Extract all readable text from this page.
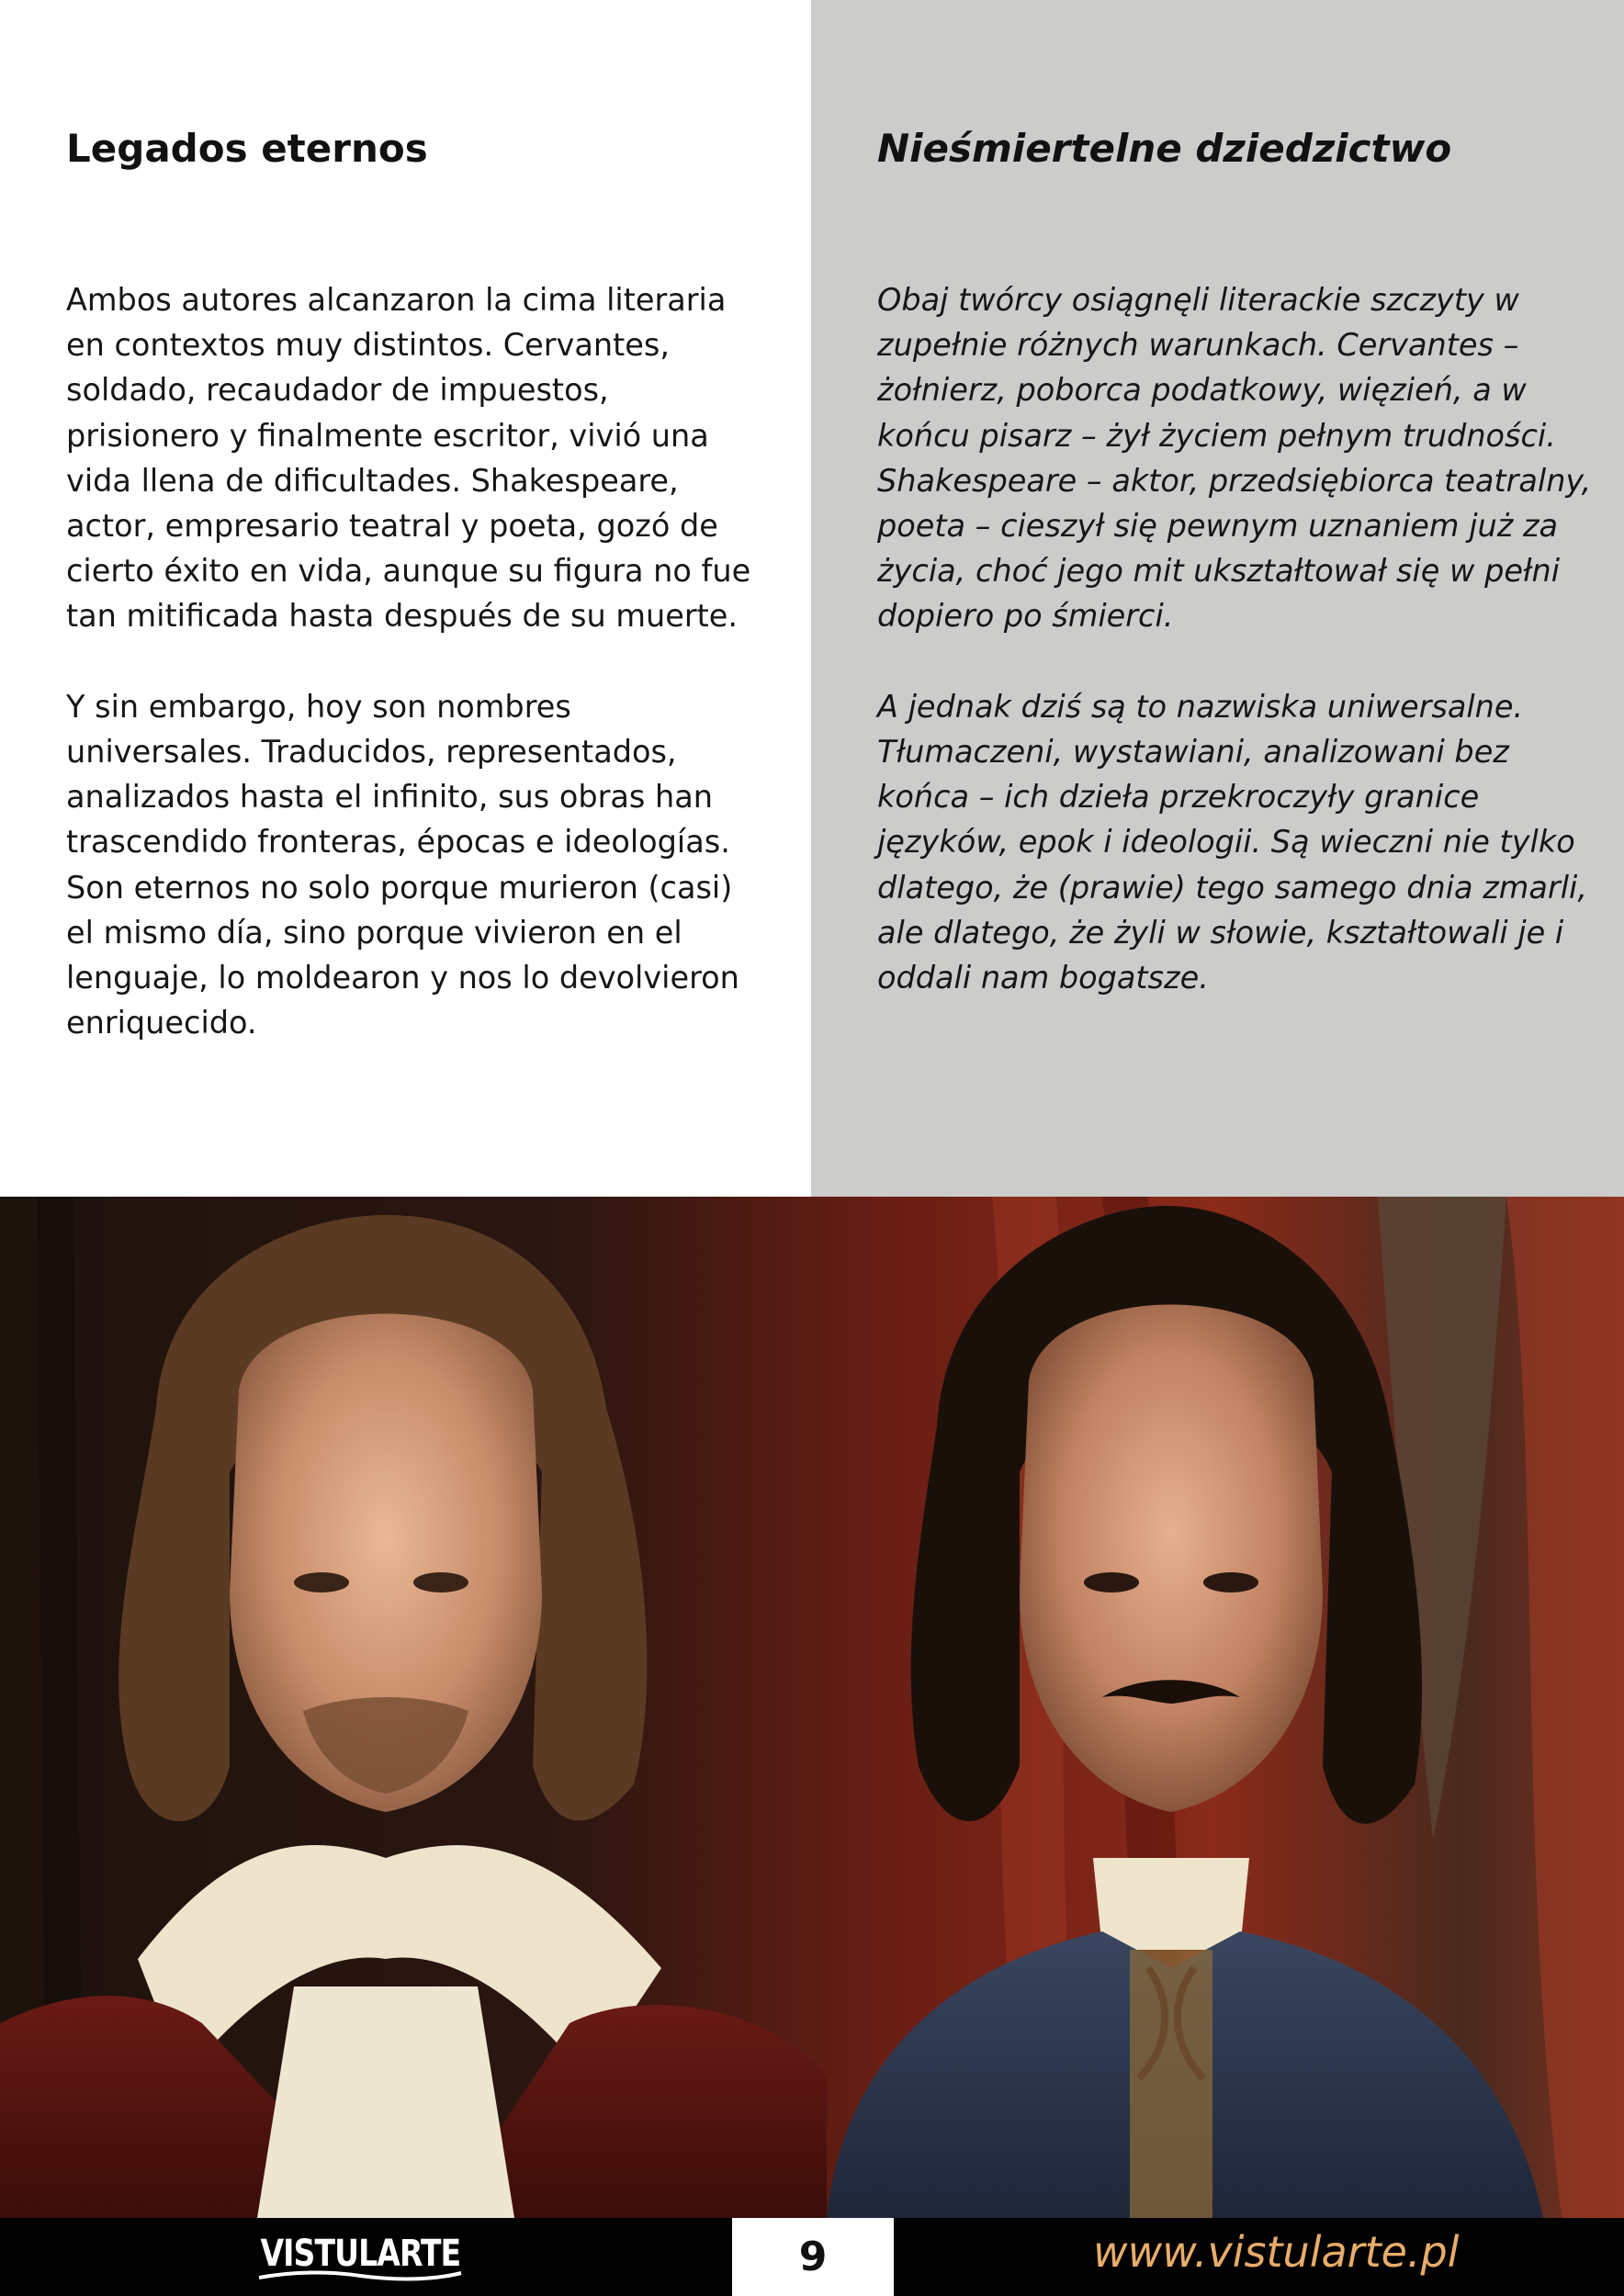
Legados eternos

Ambos autores alcanzaron la cima literaria en contextos muy distintos. Cervantes, soldado, recaudador de impuestos, prisionero y finalmente escritor, vivió una vida llena de dificultades. Shakespeare, actor, empresario teatral y poeta, gozó de cierto éxito en vida, aunque su figura no fue tan mitificada hasta después de su muerte.

Y sin embargo, hoy son nombres universales. Traducidos, representados, analizados hasta el infinito, sus obras han trascendido fronteras, épocas e ideologías. Son eternos no solo porque murieron (casi) el mismo día, sino porque vivieron en el lenguaje, lo moldearon y nos lo devolvieron enriquecido.

Nieśmiertelne dziedzictwo

Obaj twórcy osiągnęli literackie szczyty w zupełnie różnych warunkach. Cervantes – żołnierz, poborca podatkowy, więzień, a w końcu pisarz – żył życiem pełnym trudności. Shakespeare – aktor, przedsiębiorca teatralny, poeta – cieszył się pewnym uznaniem już za życia, choć jego mit ukształtował się w pełni dopiero po śmierci.

A jednak dziś są to nazwiska uniwersalne. Tłumaczeni, wystawiani, analizowani bez końca – ich dzieła przekroczyły granice języków, epok i ideologii. Są wieczni nie tylko dlatego, że (prawie) tego samego dnia zmarli, ale dlatego, że żyli w słowie, kształtowali je i oddali nam bogatsze.

VISTULARTE	9	www.vistularte.pl
